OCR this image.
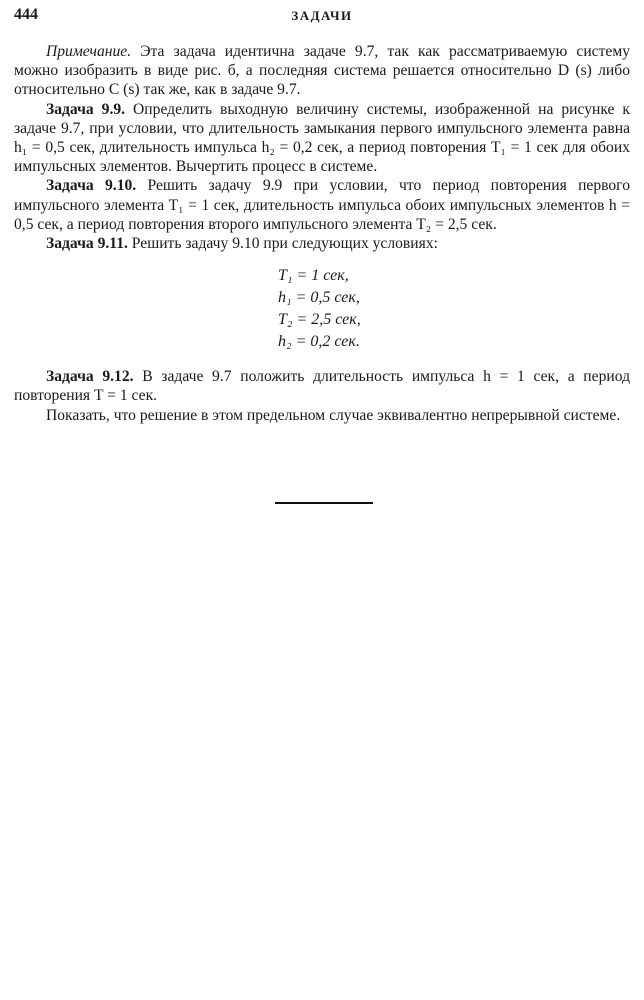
444	ЗАДАЧИ

Примечание. Эта задача идентична задаче 9.7, так как рассматриваемую систему можно изобразить в виде рис. б, а последняя система решается относительно D (s) либо относительно C (s) так же, как в задаче 9.7.

Задача 9.9. Определить выходную величину системы, изображенной на рисунке к задаче 9.7, при условии, что длительность замыкания первого импульсного элемента равна h₁ = 0,5 сек, длительность импульса h₂ = 0,2 сек, а период повторения T₁ = 1 сек для обоих импульсных элементов. Вычертить процесс в системе.

Задача 9.10. Решить задачу 9.9 при условии, что период повторения первого импульсного элемента T₁ = 1 сек, длительность импульса обоих импульсных элементов h = 0,5 сек, а период повторения второго импульсного элемента T₂ = 2,5 сек.

Задача 9.11. Решить задачу 9.10 при следующих условиях:

T₁ = 1 сек,
h₁ = 0,5 сек,
T₂ = 2,5 сек,
h₂ = 0,2 сек.

Задача 9.12. В задаче 9.7 положить длительность импульса h = 1 сек, а период повторения T = 1 сек.

Показать, что решение в этом предельном случае эквивалентно непрерывной системе.
